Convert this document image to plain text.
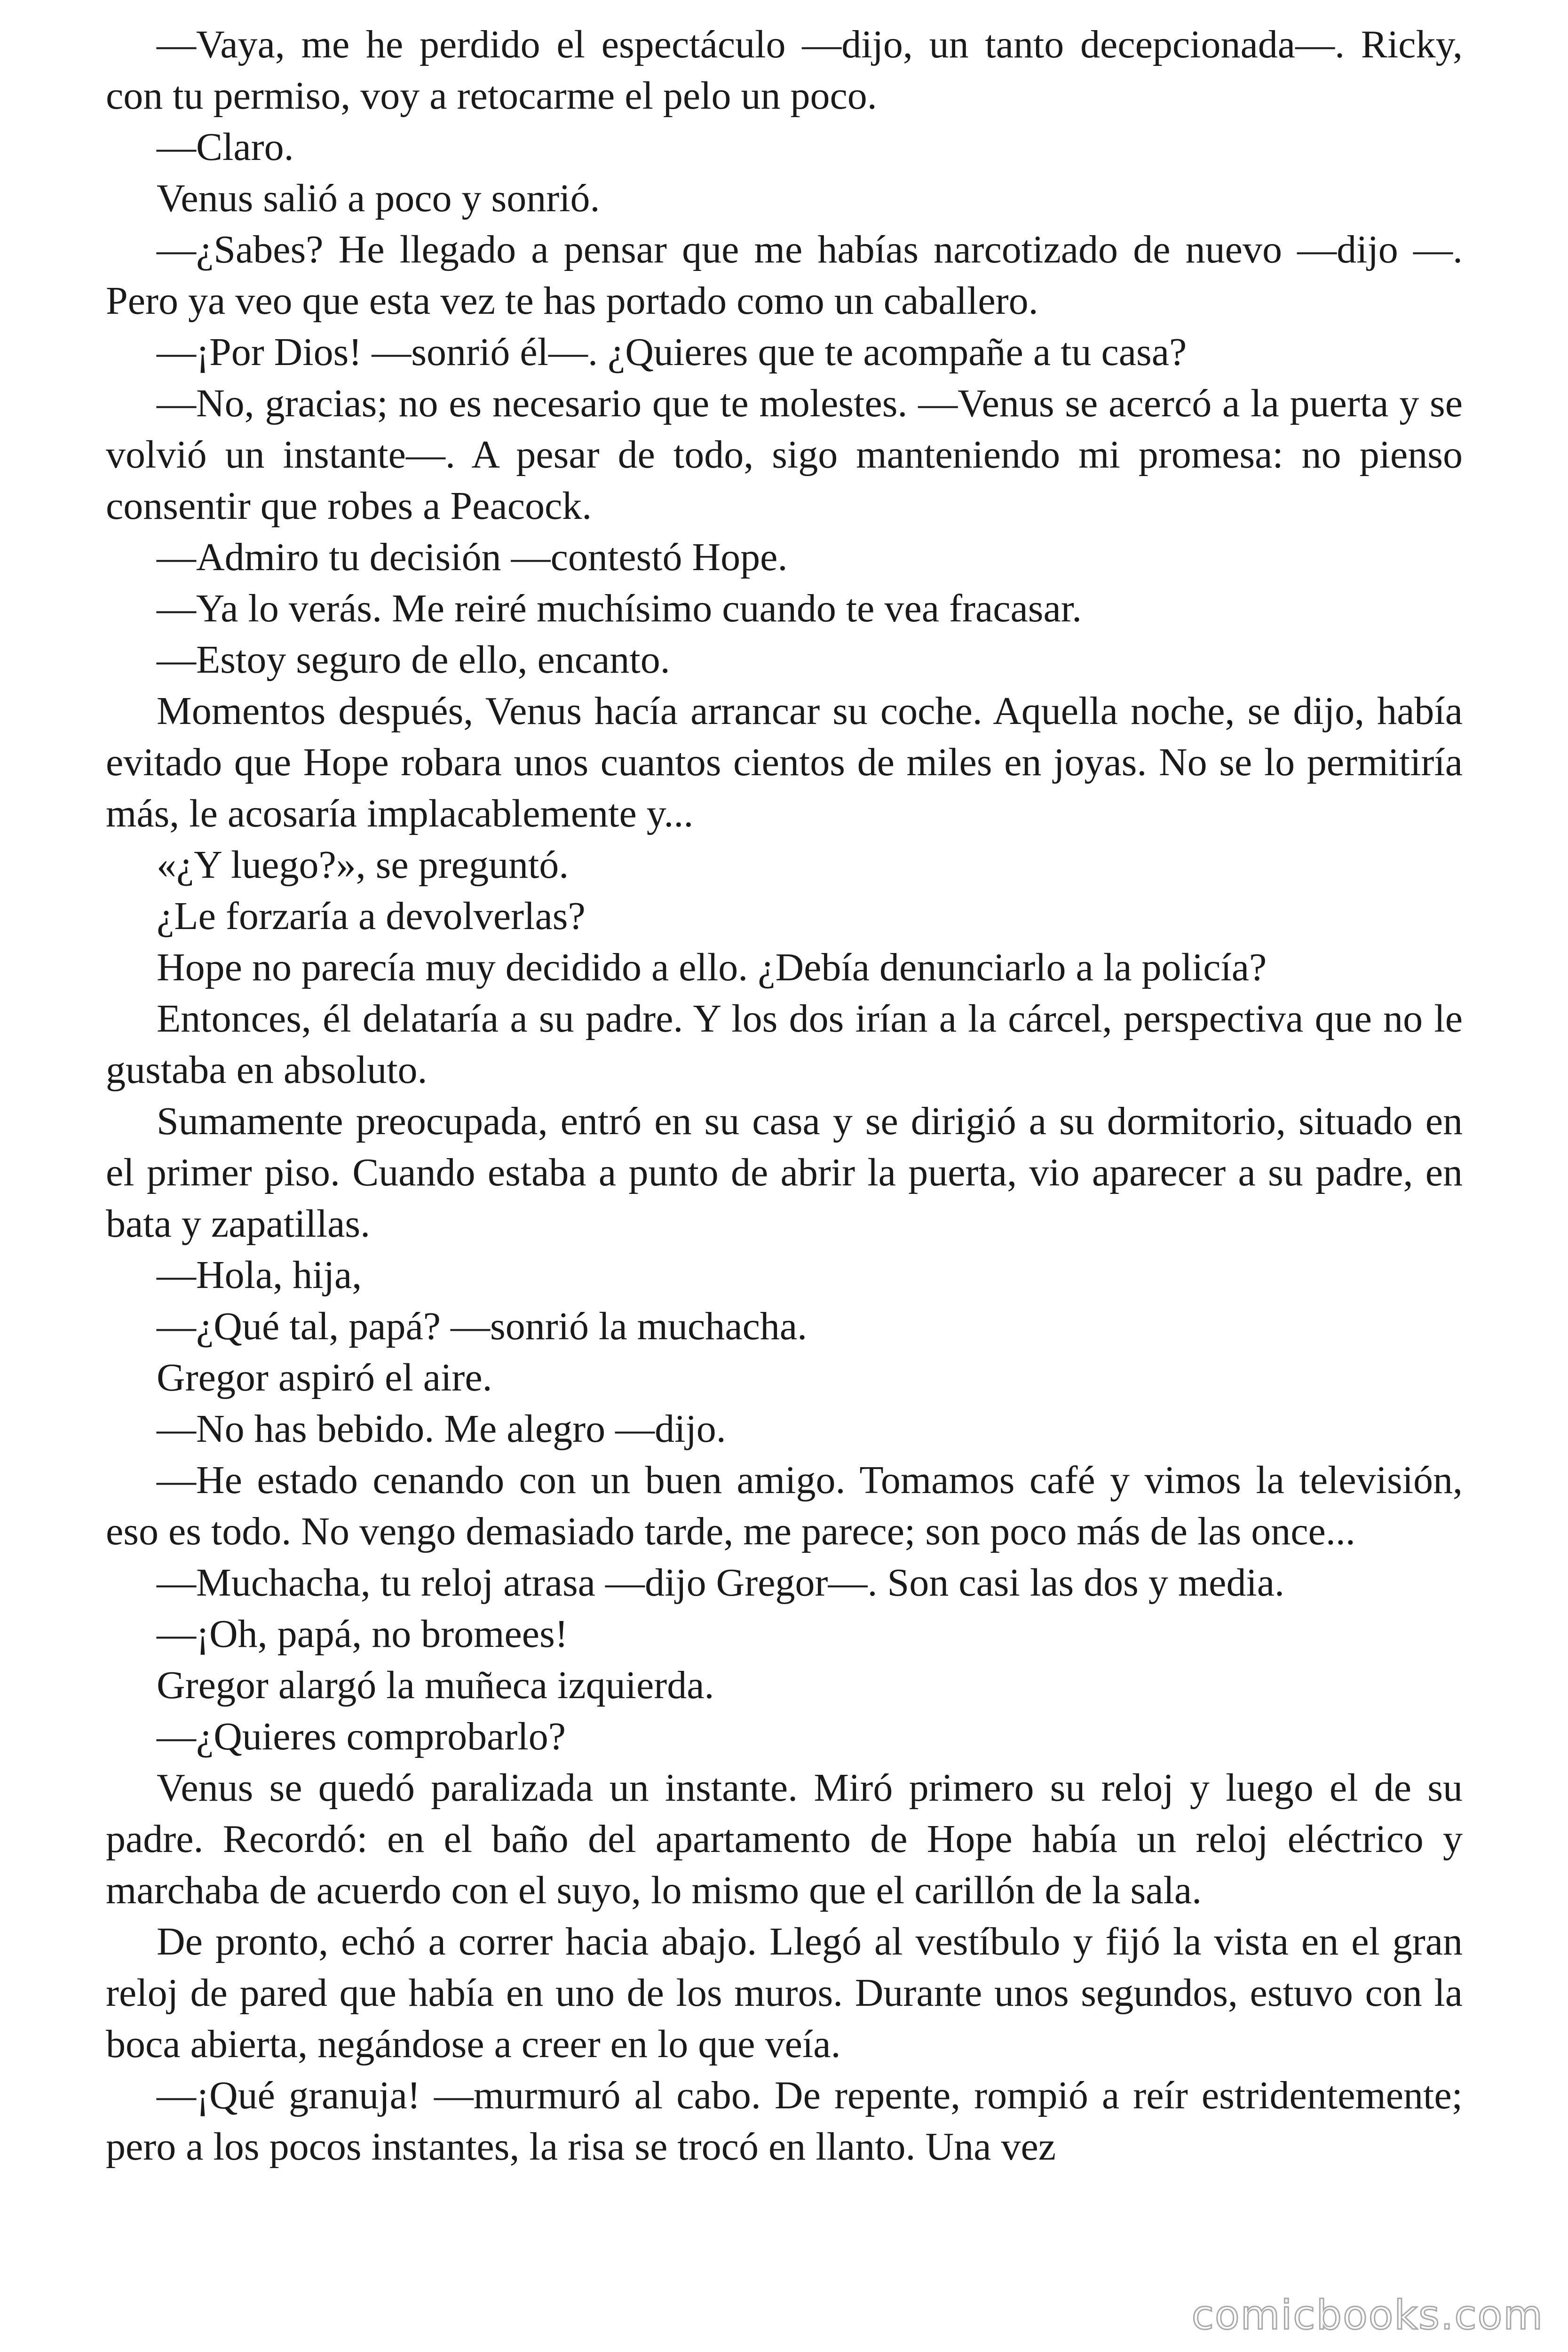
—Vaya, me he perdido el espectáculo —dijo, un tanto decepcionada—. Ricky, con tu permiso, voy a retocarme el pelo un poco.

—Claro.

Venus salió a poco y sonrió.

—¿Sabes? He llegado a pensar que me habías narcotizado de nuevo —dijo —. Pero ya veo que esta vez te has portado como un caballero.

—¡Por Dios! —sonrió él—. ¿Quieres que te acompañe a tu casa?

—No, gracias; no es necesario que te molestes. —Venus se acercó a la puerta y se volvió un instante—. A pesar de todo, sigo manteniendo mi promesa: no pienso consentir que robes a Peacock.

—Admiro tu decisión —contestó Hope.

—Ya lo verás. Me reiré muchísimo cuando te vea fracasar.

—Estoy seguro de ello, encanto.

Momentos después, Venus hacía arrancar su coche. Aquella noche, se dijo, había evitado que Hope robara unos cuantos cientos de miles en joyas. No se lo permitiría más, le acosaría implacablemente y...

«¿Y luego?», se preguntó.

¿Le forzaría a devolverlas?

Hope no parecía muy decidido a ello. ¿Debía denunciarlo a la policía?

Entonces, él delataría a su padre. Y los dos irían a la cárcel, perspectiva que no le gustaba en absoluto.

Sumamente preocupada, entró en su casa y se dirigió a su dormitorio, situado en el primer piso. Cuando estaba a punto de abrir la puerta, vio aparecer a su padre, en bata y zapatillas.

—Hola, hija,

—¿Qué tal, papá? —sonrió la muchacha.

Gregor aspiró el aire.

—No has bebido. Me alegro —dijo.

—He estado cenando con un buen amigo. Tomamos café y vimos la televisión, eso es todo. No vengo demasiado tarde, me parece; son poco más de las once...

—Muchacha, tu reloj atrasa —dijo Gregor—. Son casi las dos y media.

—¡Oh, papá, no bromees!

Gregor alargó la muñeca izquierda.

—¿Quieres comprobarlo?

Venus se quedó paralizada un instante. Miró primero su reloj y luego el de su padre. Recordó: en el baño del apartamento de Hope había un reloj eléctrico y marchaba de acuerdo con el suyo, lo mismo que el carillón de la sala.

De pronto, echó a correr hacia abajo. Llegó al vestíbulo y fijó la vista en el gran reloj de pared que había en uno de los muros. Durante unos segundos, estuvo con la boca abierta, negándose a creer en lo que veía.

—¡Qué granuja! —murmuró al cabo. De repente, rompió a reír estridentemente; pero a los pocos instantes, la risa se trocó en llanto. Una vez

comicbooks.com
